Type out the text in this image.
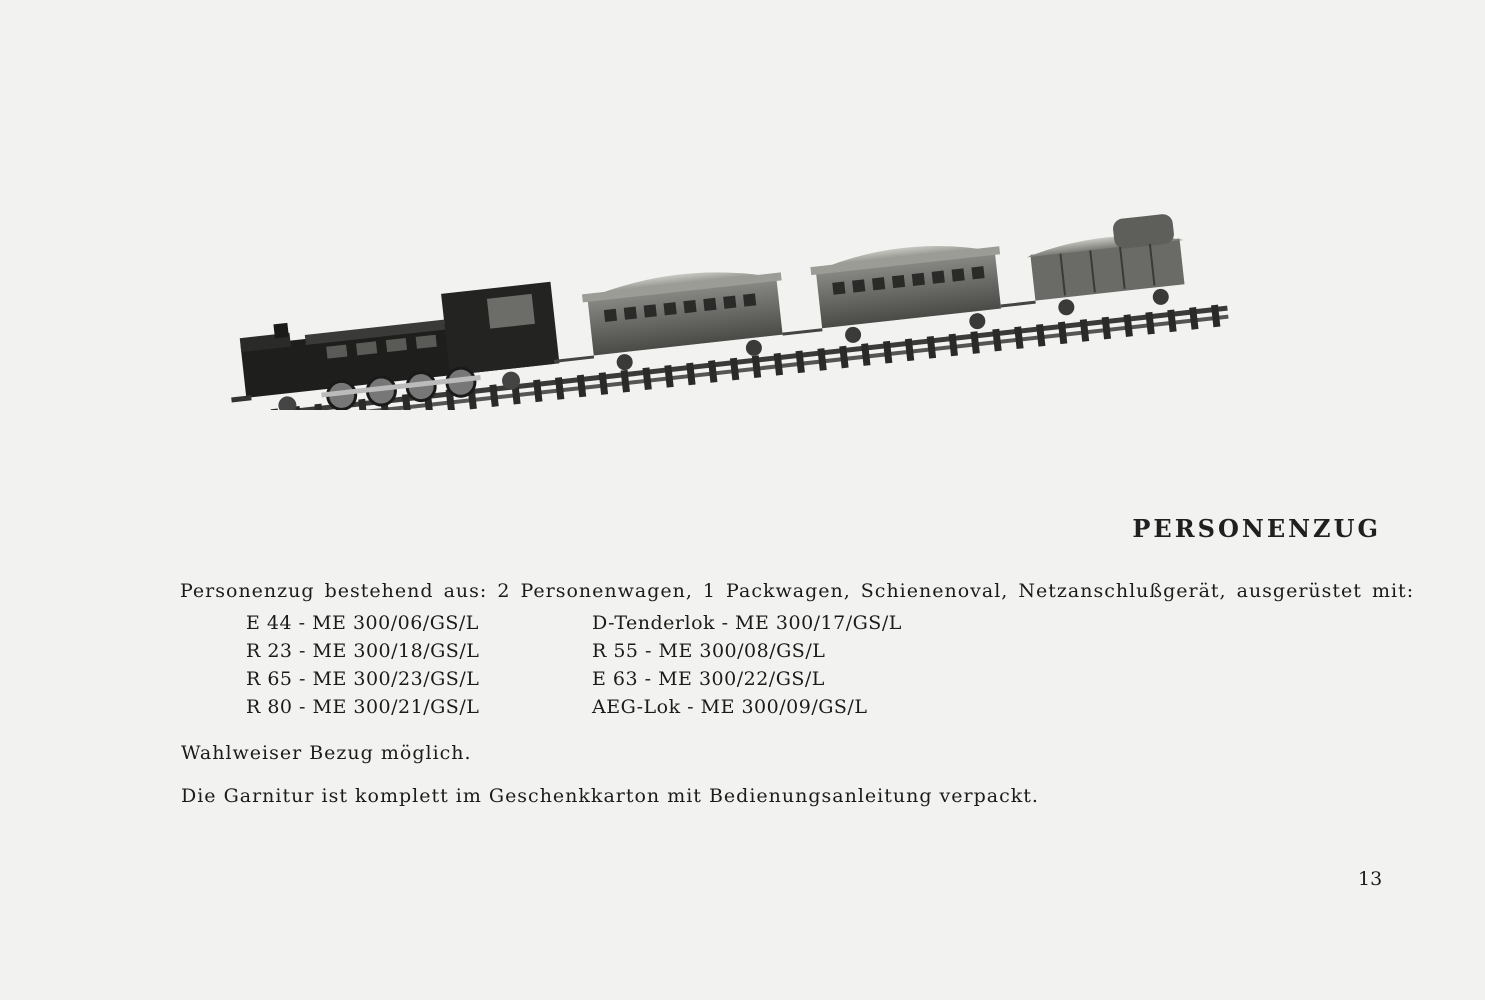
PERSONENZUG
Personenzug bestehend aus: 2 Personenwagen, 1 Packwagen, Schienenoval, Netzanschlußgerät, ausgerüstet mit:
E 44 - ME 300/06/GS/L
R 23 - ME 300/18/GS/L
R 65 - ME 300/23/GS/L
R 80 - ME 300/21/GS/L
D-Tenderlok - ME 300/17/GS/L
R 55 - ME 300/08/GS/L
E 63 - ME 300/22/GS/L
AEG-Lok - ME 300/09/GS/L
Wahlweiser Bezug möglich.
Die Garnitur ist komplett im Geschenkkarton mit Bedienungsanleitung verpackt.
13
